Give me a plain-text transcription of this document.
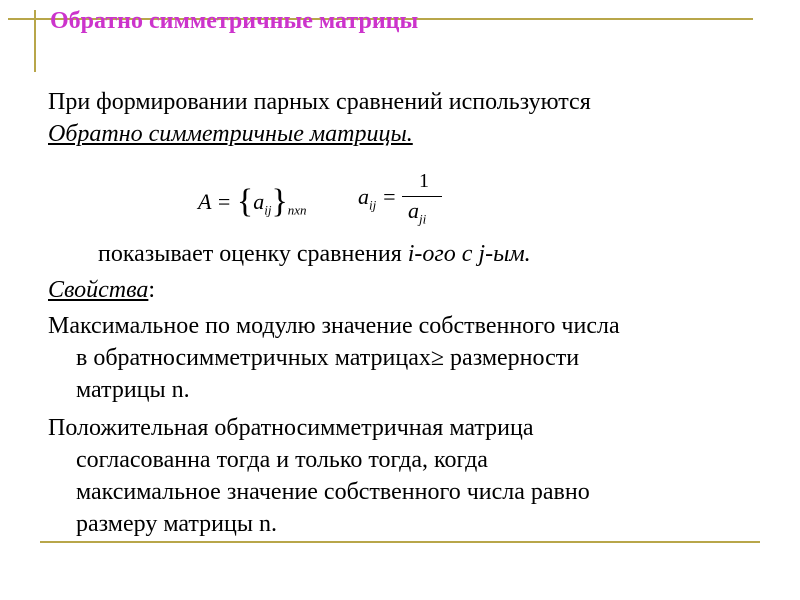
Обратно симметричные матрицы
При формировании парных сравнений используются
Обратно симметричные матрицы.
$A = \{a_{ij}\}_{nxn}$
$a_{ij}$ =
1
$a_{ji}$
показывает оценку сравнения i-ого с j-ым.
Свойства:
Максимальное по модулю значение собственного числа
в обратносимметричных матрицах≥ размерности
матрицы n.
Положительная обратносимметричная матрица
согласованна тогда и только тогда, когда
максимальное значение собственного числа равно
размеру матрицы n.
